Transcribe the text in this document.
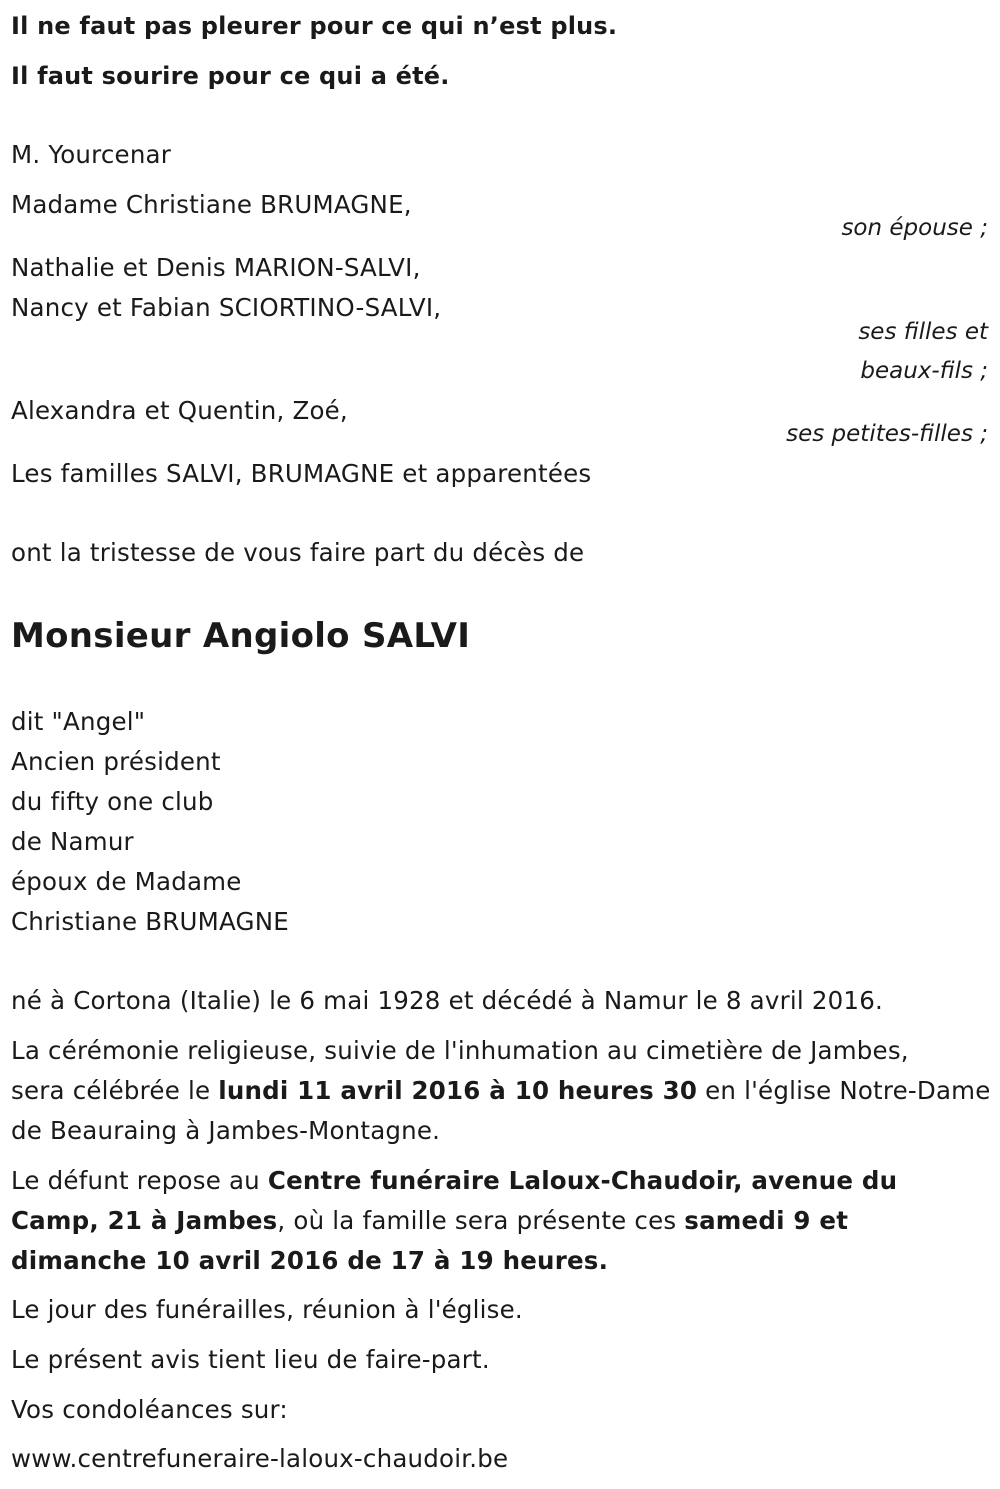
Il ne faut pas pleurer pour ce qui n’est plus.
Il faut sourire pour ce qui a été.
M. Yourcenar
Madame Christiane BRUMAGNE,
son épouse ;
Nathalie et Denis MARION-SALVI,
Nancy et Fabian SCIORTINO-SALVI,
ses filles et
beaux-fils ;
Alexandra et Quentin, Zoé,
ses petites-filles ;
Les familles SALVI, BRUMAGNE et apparentées
ont la tristesse de vous faire part du décès de
Monsieur Angiolo SALVI
dit "Angel"
Ancien président
du fifty one club
de Namur
époux de Madame
Christiane BRUMAGNE
né à Cortona (Italie) le 6 mai 1928 et décédé à Namur le 8 avril 2016.
La cérémonie religieuse, suivie de l'inhumation au cimetière de Jambes,
sera célébrée le lundi 11 avril 2016 à 10 heures 30 en l'église Notre-Dame
de Beauraing à Jambes-Montagne.
Le défunt repose au Centre funéraire Laloux-Chaudoir, avenue du
Camp, 21 à Jambes, où la famille sera présente ces samedi 9 et
dimanche 10 avril 2016 de 17 à 19 heures.
Le jour des funérailles, réunion à l'église.
Le présent avis tient lieu de faire-part.
Vos condoléances sur:
www.centrefuneraire-laloux-chaudoir.be
